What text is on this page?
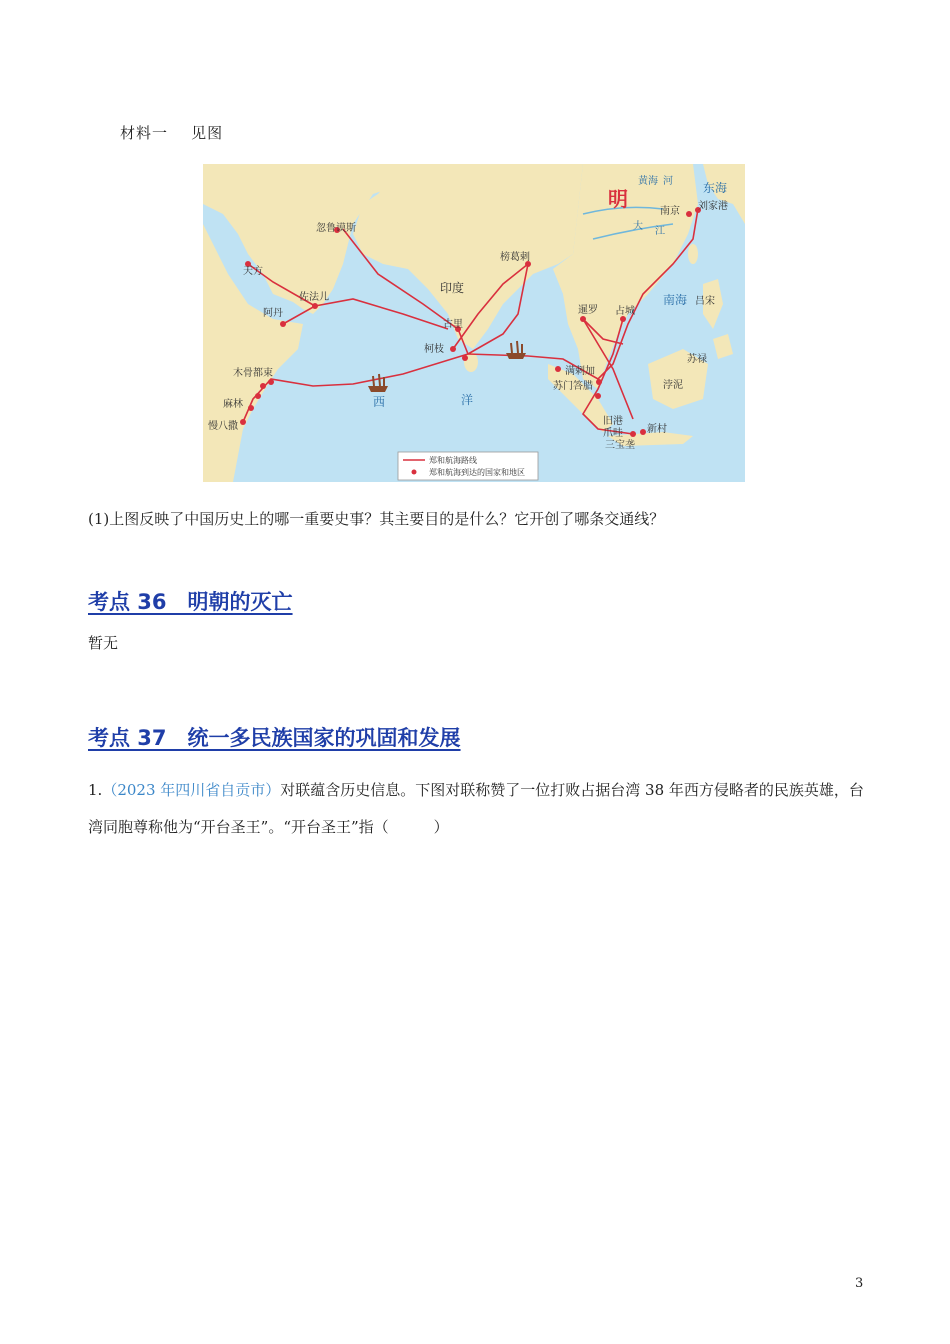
材料一 见图
明
南京 刘家港
忽鲁谟斯
天方
佐法儿
阿丹
木骨都束
麻林
慢八撒
古里
柯枝
榜葛剌
暹罗 占城
吕宋
苏禄
浡泥
满剌加
苏门答腊
旧港
爪哇
三宝垄
新村
印度
黄海 河	东海
大 江
南海
西	洋
郑和航海路线
郑和航海到达的国家和地区
(1)上图反映了中国历史上的哪一重要史事？其主要目的是什么？它开创了哪条交通线？
考点 36　明朝的灭亡
暂无
考点 37　统一多民族国家的巩固和发展
1.（2023 年四川省自贡市）对联蕴含历史信息。下图对联称赞了一位打败占据台湾 38 年西方侵略者的民族英雄，台湾同胞尊称他为“开台圣王”。“开台圣王”指（　　　）
3
